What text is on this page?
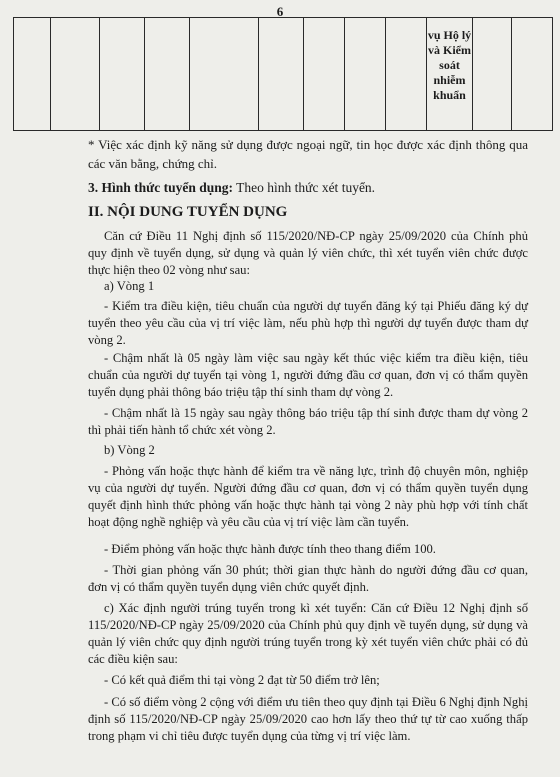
6

vụ Hộ lý và Kiểm soát nhiễm khuẩn

* Việc xác định kỹ năng sử dụng được ngoại ngữ, tin học được xác định thông qua các văn bằng, chứng chỉ.
3. Hình thức tuyển dụng: Theo hình thức xét tuyển.
II. NỘI DUNG TUYỂN DỤNG
Căn cứ Điều 11 Nghị định số 115/2020/NĐ-CP ngày 25/09/2020 của Chính phủ quy định về tuyển dụng, sử dụng và quản lý viên chức, thì xét tuyển viên chức được thực hiện theo 02 vòng như sau:
a) Vòng 1
- Kiểm tra điều kiện, tiêu chuẩn của người dự tuyển đăng ký tại Phiếu đăng ký dự tuyển theo yêu cầu của vị trí việc làm, nếu phù hợp thì người dự tuyển được tham dự vòng 2.
- Chậm nhất là 05 ngày làm việc sau ngày kết thúc việc kiểm tra điều kiện, tiêu chuẩn của người dự tuyển tại vòng 1, người đứng đầu cơ quan, đơn vị có thẩm quyền tuyển dụng phải thông báo triệu tập thí sinh tham dự vòng 2.
- Chậm nhất là 15 ngày sau ngày thông báo triệu tập thí sinh được tham dự vòng 2 thì phải tiến hành tổ chức xét vòng 2.
b) Vòng 2
- Phỏng vấn hoặc thực hành để kiểm tra về năng lực, trình độ chuyên môn, nghiệp vụ của người dự tuyển. Người đứng đầu cơ quan, đơn vị có thẩm quyền tuyển dụng quyết định hình thức phỏng vấn hoặc thực hành tại vòng 2 này phù hợp với tính chất hoạt động nghề nghiệp và yêu cầu của vị trí việc làm cần tuyển.
- Điểm phỏng vấn hoặc thực hành được tính theo thang điểm 100.
- Thời gian phỏng vấn 30 phút; thời gian thực hành do người đứng đầu cơ quan, đơn vị có thẩm quyền tuyển dụng viên chức quyết định.
c) Xác định người trúng tuyển trong kì xét tuyển: Căn cứ Điều 12 Nghị định số 115/2020/NĐ-CP ngày 25/09/2020 của Chính phủ quy định về tuyển dụng, sử dụng và quản lý viên chức quy định người trúng tuyển trong kỳ xét tuyển viên chức phải có đủ các điều kiện sau:
- Có kết quả điểm thi tại vòng 2 đạt từ 50 điểm trở lên;
- Có số điểm vòng 2 cộng với điểm ưu tiên theo quy định tại Điều 6 Nghị định Nghị định số 115/2020/NĐ-CP ngày 25/09/2020 cao hơn lấy theo thứ tự từ cao xuống thấp trong phạm vi chỉ tiêu được tuyển dụng của từng vị trí việc làm.
